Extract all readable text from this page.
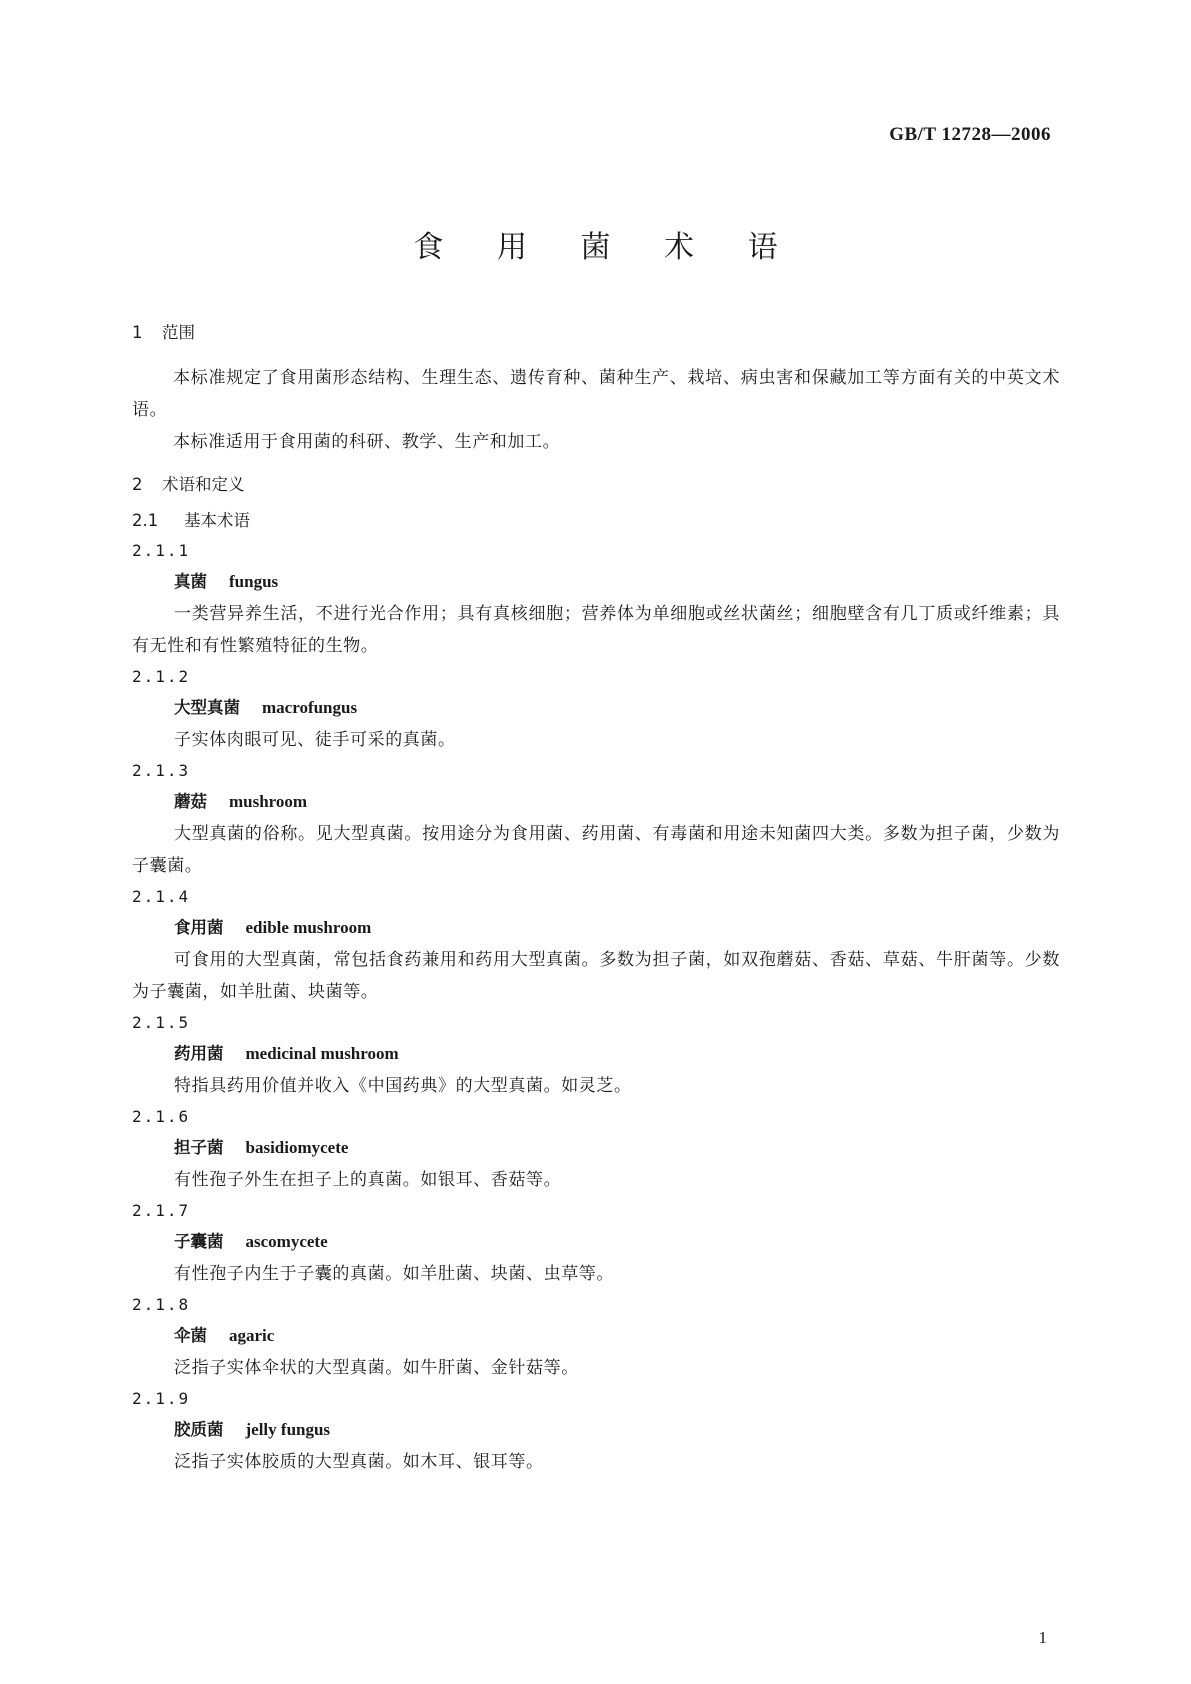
GB/T 12728—2006
食 用 菌 术 语
1 范围
本标准规定了食用菌形态结构、生理生态、遗传育种、菌种生产、栽培、病虫害和保藏加工等方面有关的中英文术语。
本标准适用于食用菌的科研、教学、生产和加工。
2 术语和定义
2.1 基本术语
2.1.1
真菌 fungus
一类营异养生活，不进行光合作用；具有真核细胞；营养体为单细胞或丝状菌丝；细胞壁含有几丁质或纤维素；具有无性和有性繁殖特征的生物。
2.1.2
大型真菌 macrofungus
子实体肉眼可见、徒手可采的真菌。
2.1.3
蘑菇 mushroom
大型真菌的俗称。见大型真菌。按用途分为食用菌、药用菌、有毒菌和用途未知菌四大类。多数为担子菌，少数为子囊菌。
2.1.4
食用菌 edible mushroom
可食用的大型真菌，常包括食药兼用和药用大型真菌。多数为担子菌，如双孢蘑菇、香菇、草菇、牛肝菌等。少数为子囊菌，如羊肚菌、块菌等。
2.1.5
药用菌 medicinal mushroom
特指具药用价值并收入《中国药典》的大型真菌。如灵芝。
2.1.6
担子菌 basidiomycete
有性孢子外生在担子上的真菌。如银耳、香菇等。
2.1.7
子囊菌 ascomycete
有性孢子内生于子囊的真菌。如羊肚菌、块菌、虫草等。
2.1.8
伞菌 agaric
泛指子实体伞状的大型真菌。如牛肝菌、金针菇等。
2.1.9
胶质菌 jelly fungus
泛指子实体胶质的大型真菌。如木耳、银耳等。
1
